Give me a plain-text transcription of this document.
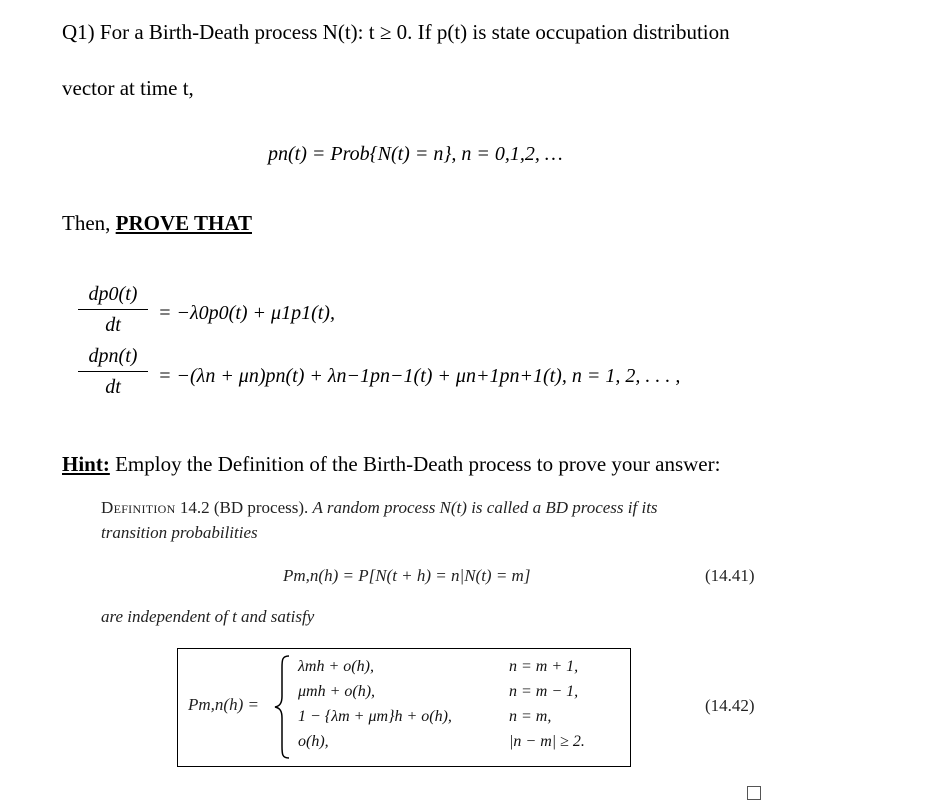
Q1) For a Birth-Death process N(t): t ≥ 0. If p(t) is state occupation distribution
vector at time t,
pn(t) = Prob{N(t) = n}, n = 0,1,2, …
Then, PROVE THAT
dp0(t)
dt
= −λ0p0(t) + μ1p1(t),
dpn(t)
dt
= −(λn + μn)pn(t) + λn−1pn−1(t) + μn+1pn+1(t), n = 1, 2, . . . ,
Hint: Employ the Definition of the Birth-Death process to prove your answer:
Definition 14.2 (BD process). A random process N(t) is called a BD process if its
transition probabilities
Pm,n(h) = P[N(t + h) = n|N(t) = m]	(14.41)
are independent of t and satisfy
Pm,n(h) =
λmh + o(h),	n = m + 1,
μmh + o(h),	n = m − 1,
1 − {λm + μm}h + o(h),	n = m,
o(h),	|n − m| ≥ 2.
(14.42)
